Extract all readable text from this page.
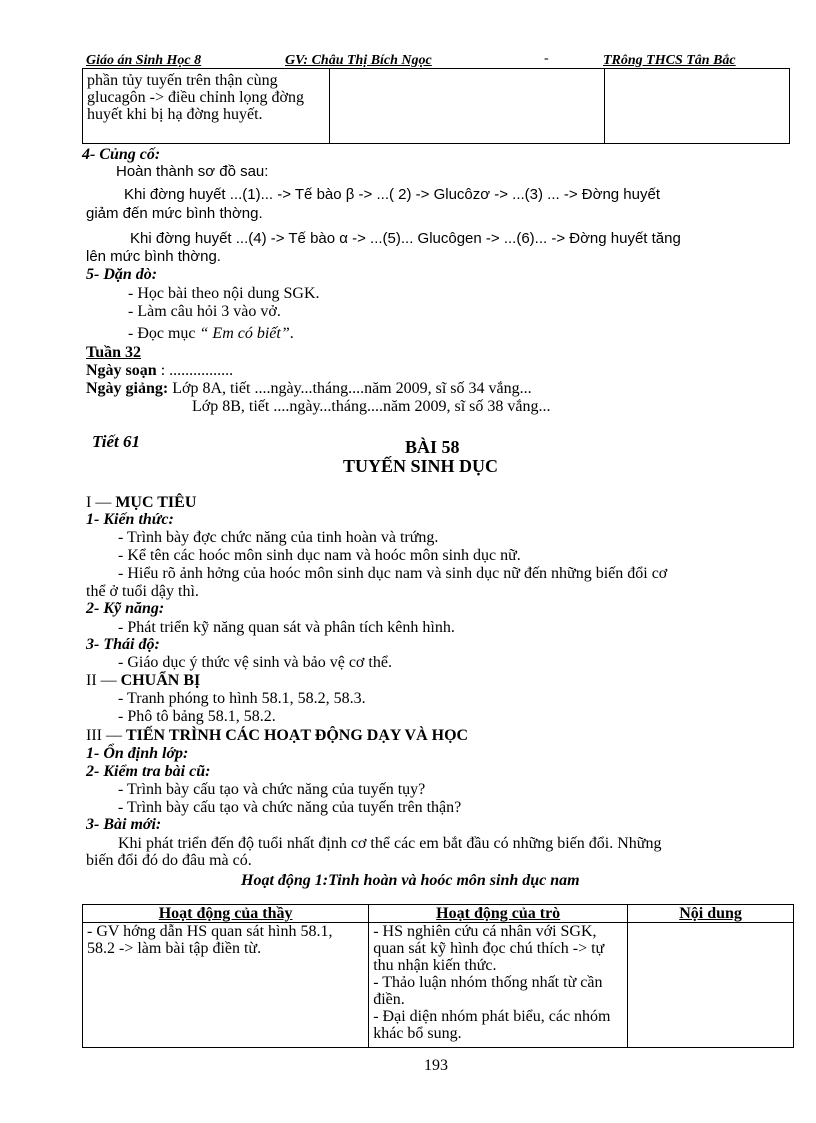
Giáo án Sinh Học 8	GV: Châu Thị Bích Ngọc	-	TRông THCS Tân Bắc
phần tủy tuyến trên thận cùng glucagôn -> điều chỉnh lọng đờng huyết khi bị hạ đờng huyết.		
4- Củng cố:
Hoàn thành sơ đồ sau:
Khi đờng huyết ...(1)... -> Tế bào β -> ...( 2) -> Glucôzơ -> ...(3) ... -> Đờng huyết
giảm đến mức bình thờng.
Khi đờng huyết ...(4) -> Tế bào α -> ...(5)... Glucôgen -> ...(6)... -> Đờng huyết tăng
lên mức bình thờng.
5- Dặn dò:
- Học bài theo nội dung SGK.
- Làm câu hỏi 3 vào vở.
- Đọc mục “ Em có biết”.
Tuần 32
Ngày soạn : ................
Ngày giảng: Lớp 8A, tiết ....ngày...tháng....năm 2009, sĩ số 34 vắng...
Lớp 8B, tiết ....ngày...tháng....năm 2009, sĩ số 38 vắng...
Tiết 61	BÀI 58
TUYẾN SINH DỤC
I — MỤC TIÊU
1- Kiến thức:
- Trình bày đợc chức năng của tinh hoàn và trứng.
- Kể tên các hoóc môn sinh dục nam và hoóc môn sinh dục nữ.
- Hiểu rõ ảnh hởng của hoóc môn sinh dục nam và sinh dục nữ đến những biến đổi cơ
thể ở tuổi dậy thì.
2- Kỹ năng:
- Phát triển kỹ năng quan sát và phân tích kênh hình.
3- Thái độ:
- Giáo dục ý thức vệ sinh và bảo vệ cơ thể.
II — CHUẨN BỊ
- Tranh phóng to hình 58.1, 58.2, 58.3.
- Phô tô bảng 58.1, 58.2.
III — TIẾN TRÌNH CÁC HOẠT ĐỘNG DẠY VÀ HỌC
1- Ổn định lớp:
2- Kiểm tra bài cũ:
- Trình bày cấu tạo và chức năng của tuyến tụy?
- Trình bày cấu tạo và chức năng của tuyến trên thận?
3- Bài mới:
Khi phát triển đến độ tuổi nhất định cơ thể các em bắt đầu có những biến đổi. Những
biến đổi đó do đâu mà có.
Hoạt động 1:Tinh hoàn và hoóc môn sinh dục nam
Hoạt động của thầy	Hoạt động của trò	Nội dung
- GV hớng dẫn HS quan sát hình 58.1, 58.2 -> làm bài tập điền từ.	- HS nghiên cứu cá nhân với SGK, quan sát kỹ hình đọc chú thích -> tự thu nhận kiến thức.
- Thảo luận nhóm thống nhất từ cần điền.
- Đại diện nhóm phát biểu, các nhóm khác bổ sung.	

193
